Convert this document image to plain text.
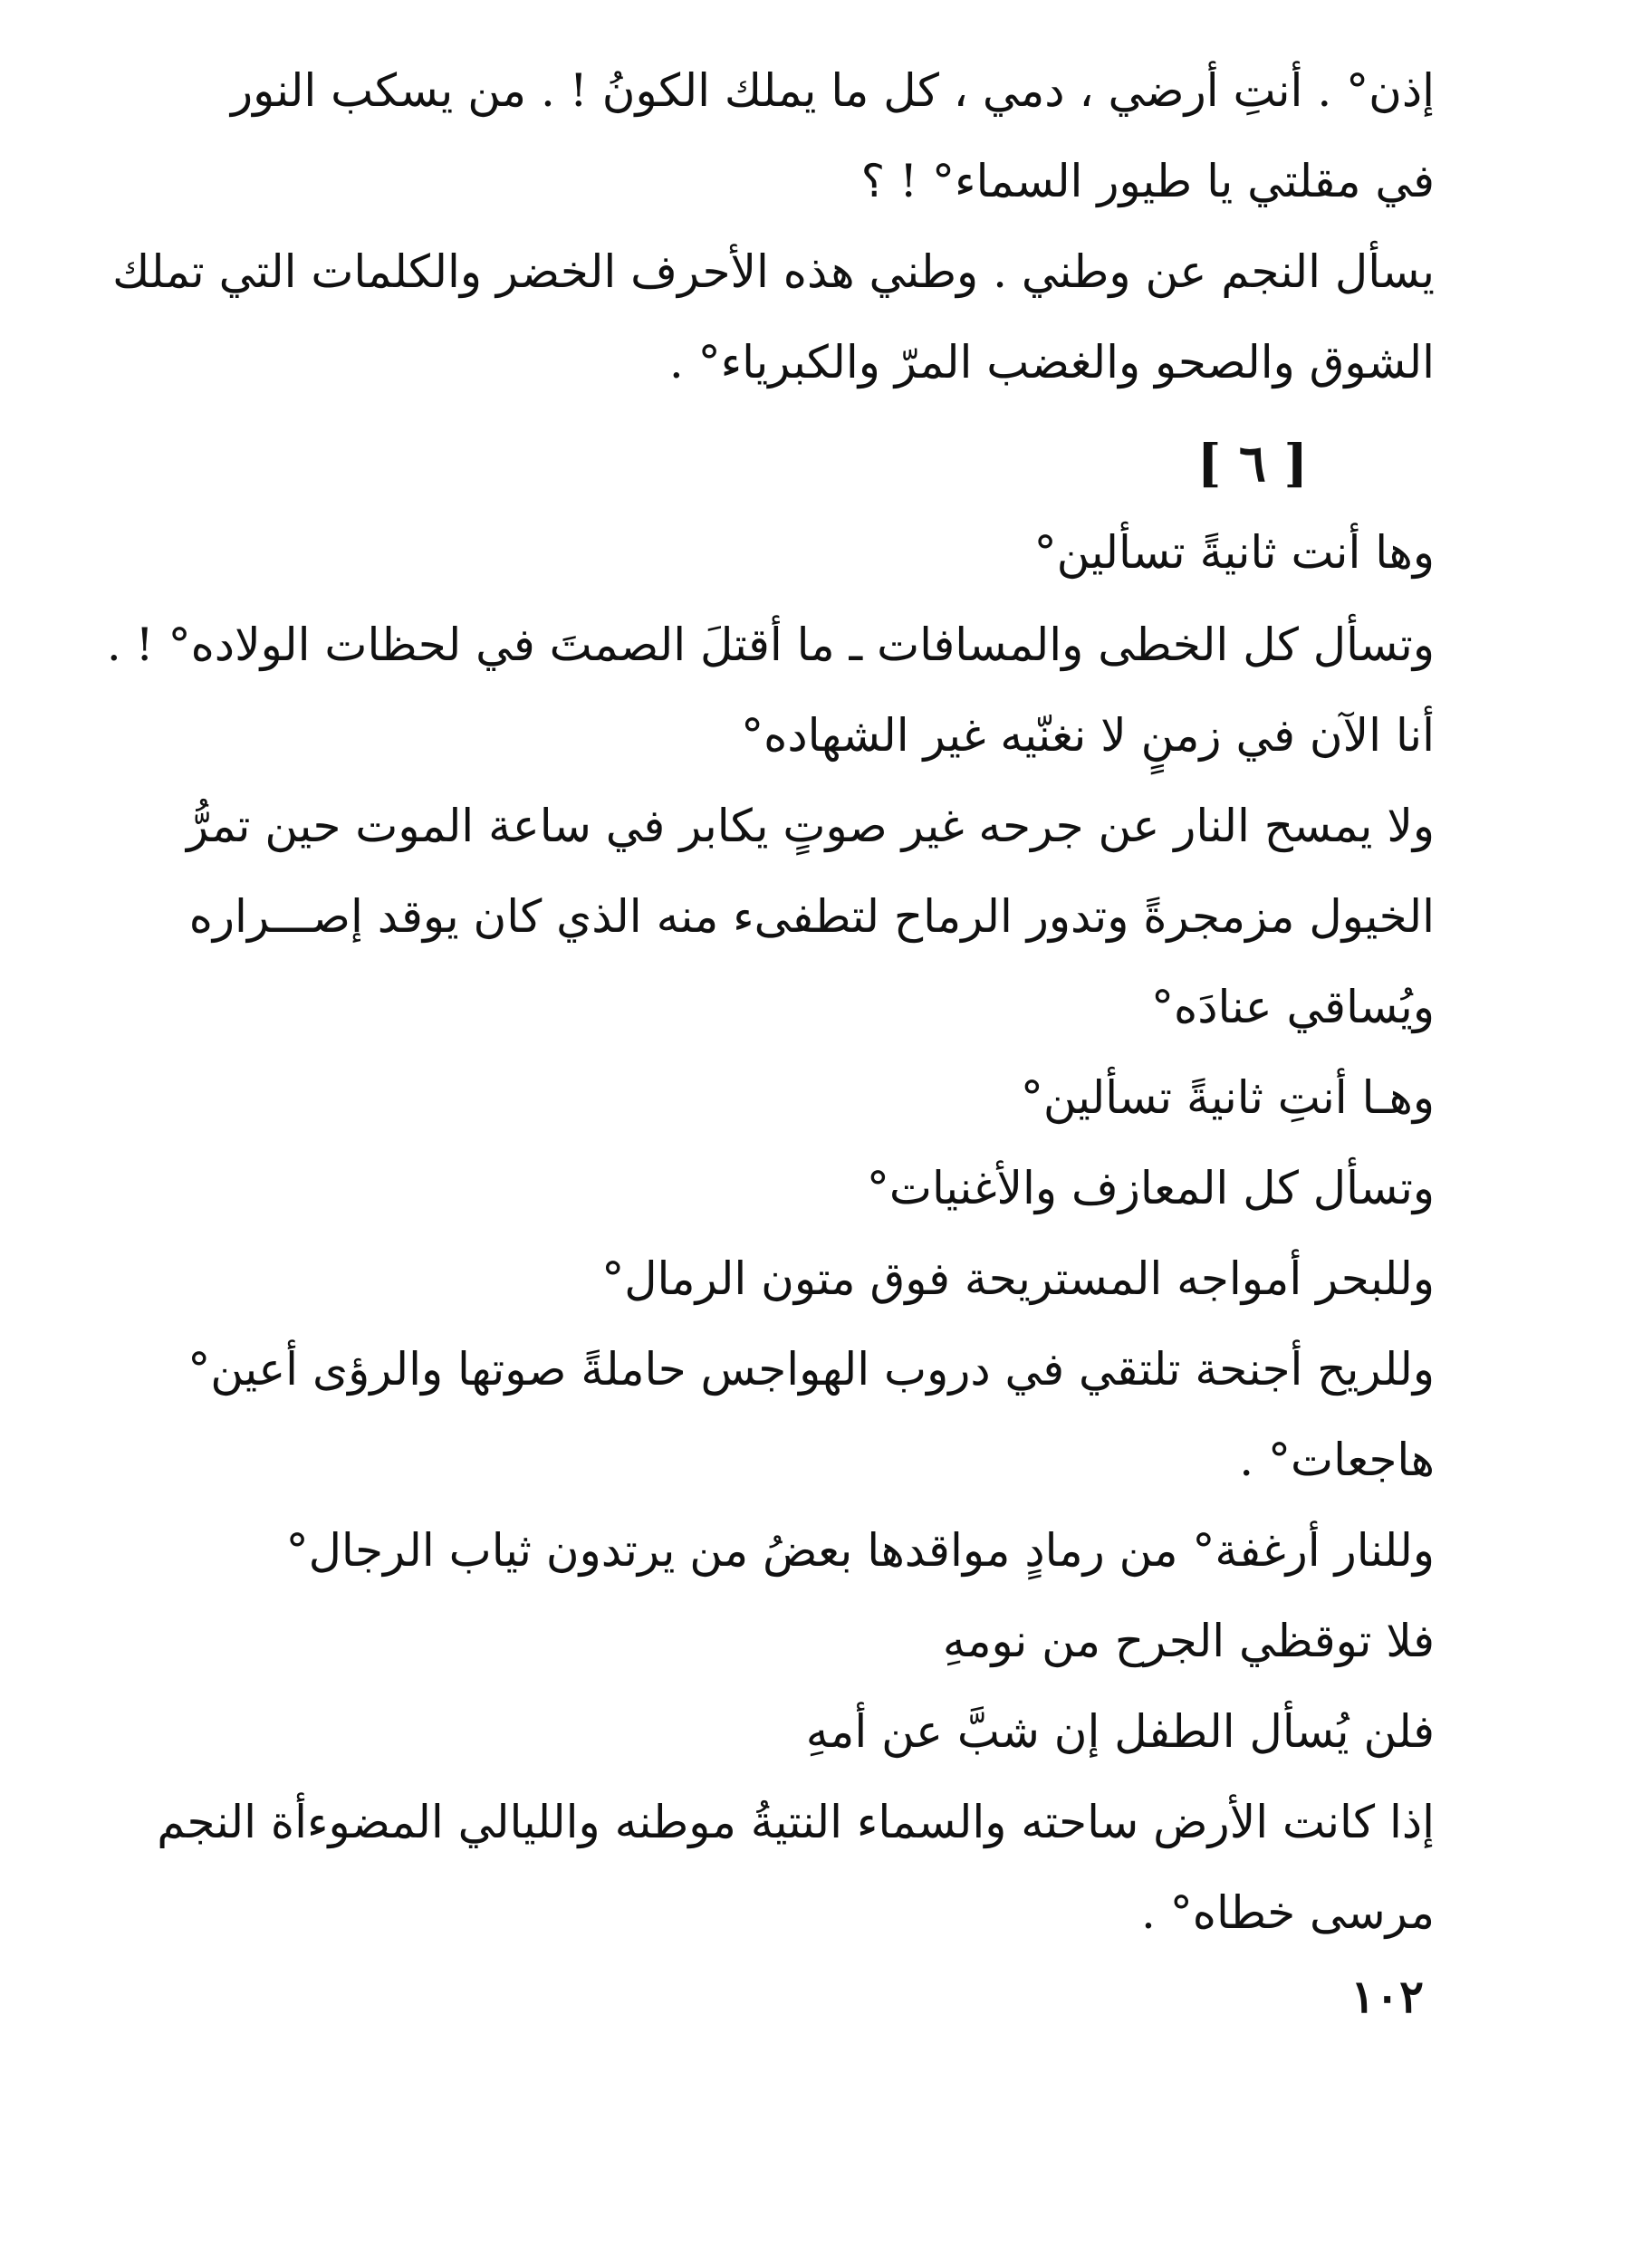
إذن° . أنتِ أرضي ، دمي ، كل ما يملك الكونُ ! . من يسكب النور
في مقلتي يا طيور السماء° ! ؟
يسأل النجم عن وطني . وطني هذه الأحرف الخضر والكلمات التي تملك
الشوق والصحو والغضب المرّ والكبرياء° .
[ ٦ ]
وها أنت ثانيةً تسألين°
وتسأل كل الخطى والمسافات ـ ما أقتلَ الصمتَ في لحظات الولاده° ! .
أنا الآن في زمنٍ لا نغنّيه غير الشهاده°
ولا يمسح النار عن جرحه غير صوتٍ يكابر في ساعة الموت حين تمرُّ
الخيول مزمجرةً وتدور الرماح لتطفىء منه الذي كان يوقد إصـــراره
ويُساقي عنادَه°
وهـا أنتِ ثانيةً تسألين°
وتسأل كل المعازف والأغنيات°
وللبحر أمواجه المستريحة فوق متون الرمال°
وللريح أجنحة تلتقي في دروب الهواجس حاملةً صوتها والرؤى أعين°
هاجعات° .
وللنار أرغفة° من رمادٍ مواقدها بعضُ من يرتدون ثياب الرجال°
فلا توقظي الجرح من نومهِ
فلن يُسأل الطفل إن شبَّ عن أمهِ
إذا كانت الأرض ساحته والسماء النتيةُ موطنه والليالي المضوءأة النجم
مرسى خطاه° .
١٠٢
